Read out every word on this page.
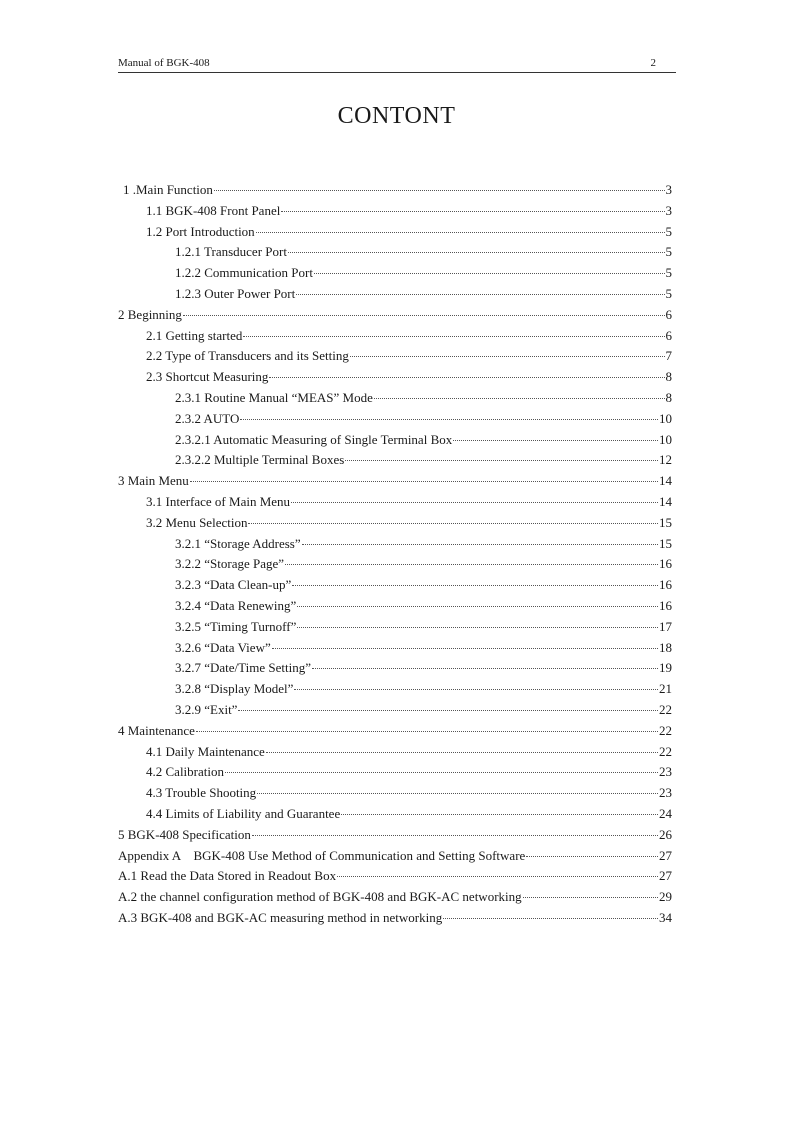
Manual of BGK-408	2
CONTONT
1 .Main Function	3
1.1 BGK-408 Front Panel	3
1.2 Port Introduction	5
1.2.1 Transducer Port	5
1.2.2 Communication Port	5
1.2.3 Outer Power Port	5
2 Beginning	6
2.1 Getting started	6
2.2 Type of Transducers and its Setting	7
2.3 Shortcut Measuring	8
2.3.1 Routine Manual “MEAS” Mode	8
2.3.2 AUTO	10
2.3.2.1 Automatic Measuring of Single Terminal Box	10
2.3.2.2 Multiple Terminal Boxes	12
3 Main Menu	14
3.1 Interface of Main Menu	14
3.2 Menu Selection	15
3.2.1 “Storage Address”	15
3.2.2 “Storage Page”	16
3.2.3 “Data Clean-up”	16
3.2.4 “Data Renewing”	16
3.2.5 “Timing Turnoff”	17
3.2.6 “Data View”	18
3.2.7 “Date/Time Setting”	19
3.2.8 “Display Model”	21
3.2.9 “Exit”	22
4 Maintenance	22
4.1 Daily Maintenance	22
4.2 Calibration	23
4.3 Trouble Shooting	23
4.4 Limits of Liability and Guarantee	24
5 BGK-408 Specification	26
Appendix A    BGK-408 Use Method of Communication and Setting Software	27
A.1 Read the Data Stored in Readout Box	27
A.2 the channel configuration method of BGK-408 and BGK-AC networking	29
A.3 BGK-408 and BGK-AC measuring method in networking	34
